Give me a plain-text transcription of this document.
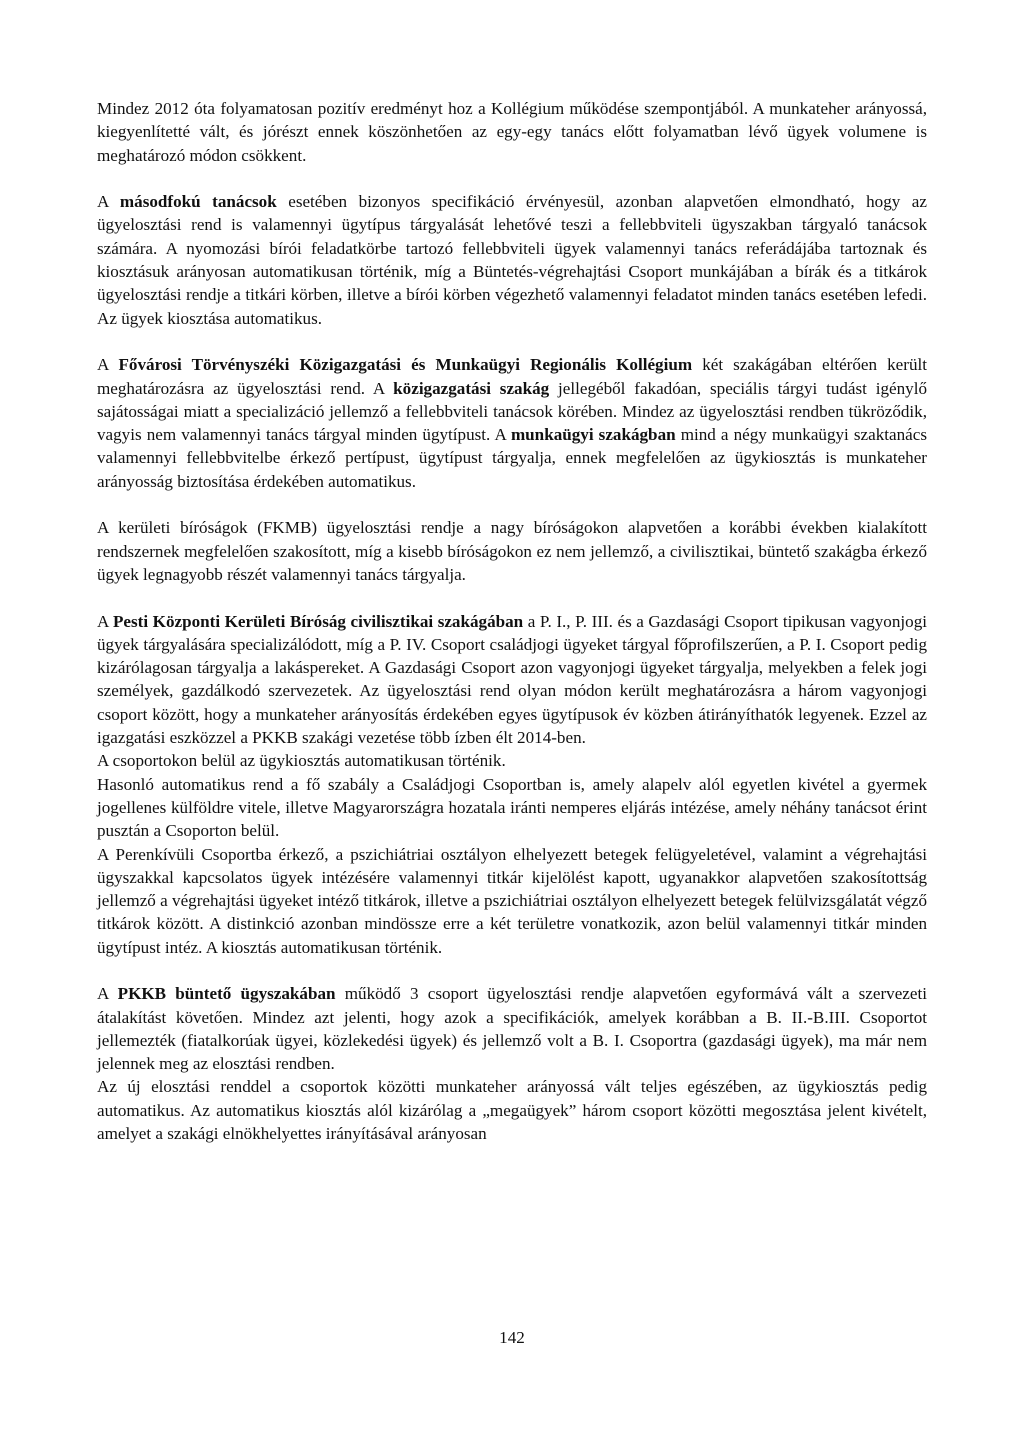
Mindez 2012 óta folyamatosan pozitív eredményt hoz a Kollégium működése szempontjából. A munkateher arányossá, kiegyenlítetté vált, és jórészt ennek köszönhetően az egy-egy tanács előtt folyamatban lévő ügyek volumene is meghatározó módon csökkent.

A másodfokú tanácsok esetében bizonyos specifikáció érvényesül, azonban alapvetően elmondható, hogy az ügyelosztási rend is valamennyi ügytípus tárgyalását lehetővé teszi a fellebbviteli ügyszakban tárgyaló tanácsok számára. A nyomozási bírói feladatkörbe tartozó fellebbviteli ügyek valamennyi tanács referádájába tartoznak és kiosztásuk arányosan automatikusan történik, míg a Büntetés-végrehajtási Csoport munkájában a bírák és a titkárok ügyelosztási rendje a titkári körben, illetve a bírói körben végezhető valamennyi feladatot minden tanács esetében lefedi. Az ügyek kiosztása automatikus.

A Fővárosi Törvényszéki Közigazgatási és Munkaügyi Regionális Kollégium két szakágában eltérően került meghatározásra az ügyelosztási rend. A közigazgatási szakág jellegéből fakadóan, speciális tárgyi tudást igénylő sajátosságai miatt a specializáció jellemző a fellebbviteli tanácsok körében. Mindez az ügyelosztási rendben tükröződik, vagyis nem valamennyi tanács tárgyal minden ügytípust. A munkaügyi szakágban mind a négy munkaügyi szaktanács valamennyi fellebbvitelbe érkező pertípust, ügytípust tárgyalja, ennek megfelelően az ügykiosztás is munkateher arányosság biztosítása érdekében automatikus.

A kerületi bíróságok (FKMB) ügyelosztási rendje a nagy bíróságokon alapvetően a korábbi években kialakított rendszernek megfelelően szakosított, míg a kisebb bíróságokon ez nem jellemző, a civilisztikai, büntető szakágba érkező ügyek legnagyobb részét valamennyi tanács tárgyalja.

A Pesti Központi Kerületi Bíróság civilisztikai szakágában a P. I., P. III. és a Gazdasági Csoport tipikusan vagyonjogi ügyek tárgyalására specializálódott, míg a P. IV. Csoport családjogi ügyeket tárgyal főprofilszerűen, a P. I. Csoport pedig kizárólagosan tárgyalja a lakáspereket. A Gazdasági Csoport azon vagyonjogi ügyeket tárgyalja, melyekben a felek jogi személyek, gazdálkodó szervezetek. Az ügyelosztási rend olyan módon került meghatározásra a három vagyonjogi csoport között, hogy a munkateher arányosítás érdekében egyes ügytípusok év közben átirányíthatók legyenek. Ezzel az igazgatási eszközzel a PKKB szakági vezetése több ízben élt 2014-ben.

A csoportokon belül az ügykiosztás automatikusan történik.

Hasonló automatikus rend a fő szabály a Családjogi Csoportban is, amely alapelv alól egyetlen kivétel a gyermek jogellenes külföldre vitele, illetve Magyarországra hozatala iránti nemperes eljárás intézése, amely néhány tanácsot érint pusztán a Csoporton belül.

A Perenkívüli Csoportba érkező, a pszichiátriai osztályon elhelyezett betegek felügyeletével, valamint a végrehajtási ügyszakkal kapcsolatos ügyek intézésére valamennyi titkár kijelölést kapott, ugyanakkor alapvetően szakosítottság jellemző a végrehajtási ügyeket intéző titkárok, illetve a pszichiátriai osztályon elhelyezett betegek felülvizsgálatát végző titkárok között. A distinkció azonban mindössze erre a két területre vonatkozik, azon belül valamennyi titkár minden ügytípust intéz. A kiosztás automatikusan történik.

A PKKB büntető ügyszakában működő 3 csoport ügyelosztási rendje alapvetően egyformává vált a szervezeti átalakítást követően. Mindez azt jelenti, hogy azok a specifikációk, amelyek korábban a B. II.-B.III. Csoportot jellemezték (fiatalkorúak ügyei, közlekedési ügyek) és jellemző volt a B. I. Csoportra (gazdasági ügyek), ma már nem jelennek meg az elosztási rendben.

Az új elosztási renddel a csoportok közötti munkateher arányossá vált teljes egészében, az ügykiosztás pedig automatikus. Az automatikus kiosztás alól kizárólag a „megaügyek” három csoport közötti megosztása jelent kivételt, amelyet a szakági elnökhelyettes irányításával arányosan

142
